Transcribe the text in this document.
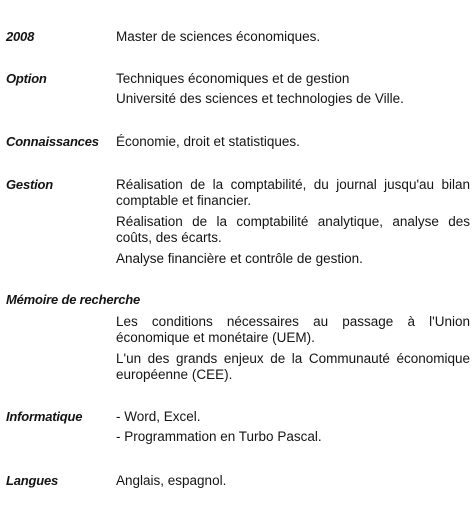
2008	Master de sciences économiques.
Option	Techniques économiques et de gestion
Université des sciences et technologies de Ville.
Connaissances Économie, droit et statistiques.
Gestion	Réalisation de la comptabilité, du journal jusqu'au bilan comptable et financier.

Réalisation de la comptabilité analytique, analyse des coûts, des écarts.

Analyse financière et contrôle de gestion.

Mémoire de recherche

Les conditions nécessaires au passage à l'Union économique et monétaire (UEM).

L'un des grands enjeux de la Communauté économique européenne (CEE).

Informatique - Word, Excel.
- Programmation en Turbo Pascal.
Langues	Anglais, espagnol.
